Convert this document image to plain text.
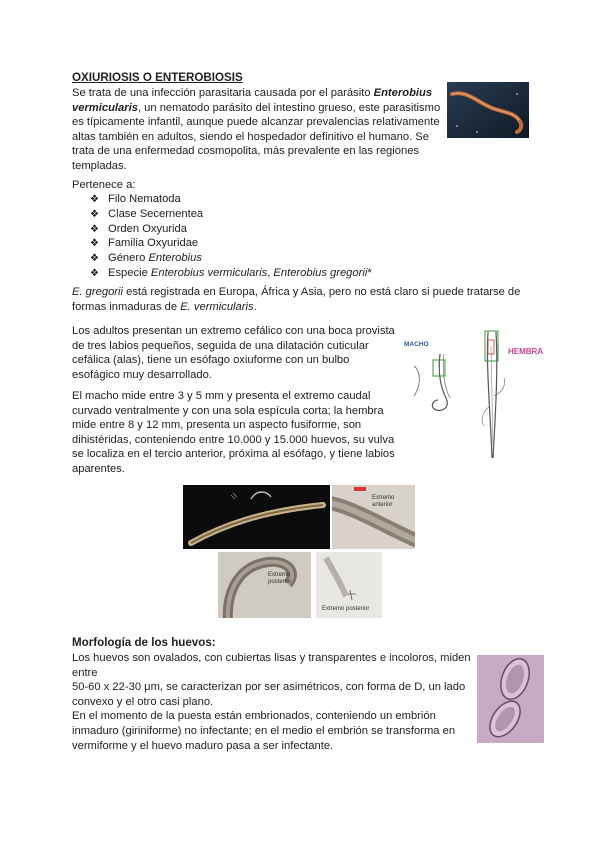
OXIURIOSIS O ENTEROBIOSIS
Se trata de una infección parasitaria causada por el parásito Enterobius
vermicularis, un nematodo parásito del intestino grueso, este parasitismo
es típicamente infantil, aunque puede alcanzar prevalencias relativamente
altas también en adultos, siendo el hospedador definitivo el humano. Se
trata de una enfermedad cosmopolita, más prevalente en las regiones
templadas.
Pertenece a:
❖ Filo Nematoda
❖ Clase Secernentea
❖ Orden Oxyurida
❖ Familia Oxyuridae
❖ Género Enterobius
❖ Especie Enterobius vermicularis, Enterobius gregorii*
E. gregorii está registrada en Europa, África y Asia, pero no está claro si puede tratarse de
formas inmaduras de E. vermicularis.
Los adultos presentan un extremo cefálico con una boca provista
de tres labios pequeños, seguida de una dilatación cuticular
cefálica (alas), tiene un esófago oxiuforme con un bulbo
esofágico muy desarrollado.
El macho mide entre 3 y 5 mm y presenta el extremo caudal
curvado ventralmente y con una sola espícula corta; la hembra
mide entre 8 y 12 mm, presenta un aspecto fusiforme, son
dihistéridas, conteniendo entre 10.000 y 15.000 huevos, su vulva
se localiza en el tercio anterior, próxima al esófago, y tiene labios
aparentes.
MACHO
HEMBRA
Extremo anterior
Extremo posterior
Extremo posterior
Morfología de los huevos:
Los huevos son ovalados, con cubiertas lisas y transparentes e incoloros, miden
entre
50-60 x 22-30 μm, se caracterizan por ser asimétricos, con forma de D, un lado
convexo y el otro casi plano.
En el momento de la puesta están embrionados, conteniendo un embrión
inmaduro (giriniforme) no infectante; en el medio el embrión se transforma en
vermiforme y el huevo maduro pasa a ser infectante.
